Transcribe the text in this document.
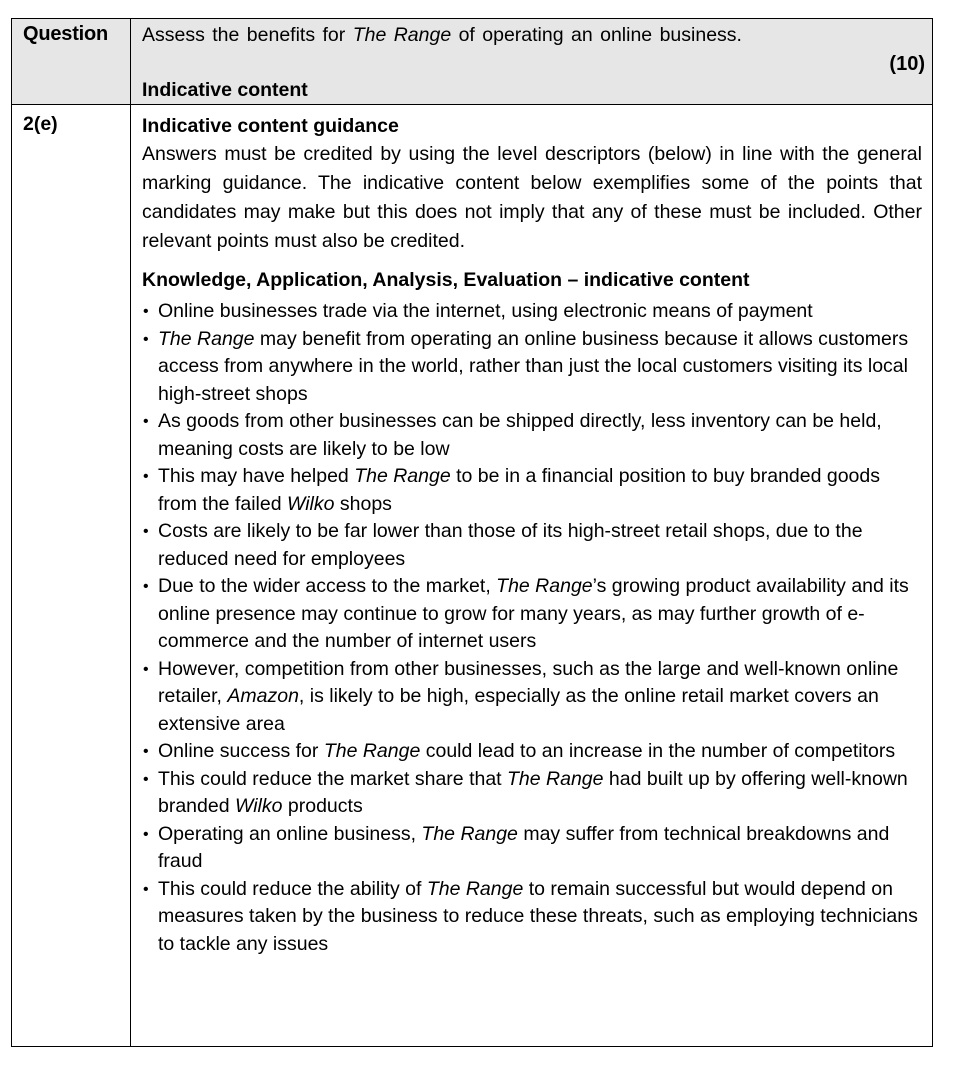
Question Assess the benefits for The Range of operating an online business.
(10)
Indicative content
2(e)	Indicative content guidance
Answers must be credited by using the level descriptors (below) in line with the general marking guidance. The indicative content below exemplifies some of the points that candidates may make but this does not imply that any of these must be included. Other relevant points must also be credited.
Knowledge, Application, Analysis, Evaluation – indicative content
• Online businesses trade via the internet, using electronic means of payment
• The Range may benefit from operating an online business because it allows customers access from anywhere in the world, rather than just the local customers visiting its local high-street shops
• As goods from other businesses can be shipped directly, less inventory can be held, meaning costs are likely to be low
• This may have helped The Range to be in a financial position to buy branded goods from the failed Wilko shops
• Costs are likely to be far lower than those of its high-street retail shops, due to the reduced need for employees
• Due to the wider access to the market, The Range’s growing product availability and its online presence may continue to grow for many years, as may further growth of e-commerce and the number of internet users
• However, competition from other businesses, such as the large and well-known online retailer, Amazon, is likely to be high, especially as the online retail market covers an extensive area
• Online success for The Range could lead to an increase in the number of competitors
• This could reduce the market share that The Range had built up by offering well-known branded Wilko products
• Operating an online business, The Range may suffer from technical breakdowns and fraud
• This could reduce the ability of The Range to remain successful but would depend on measures taken by the business to reduce these threats, such as employing technicians to tackle any issues
